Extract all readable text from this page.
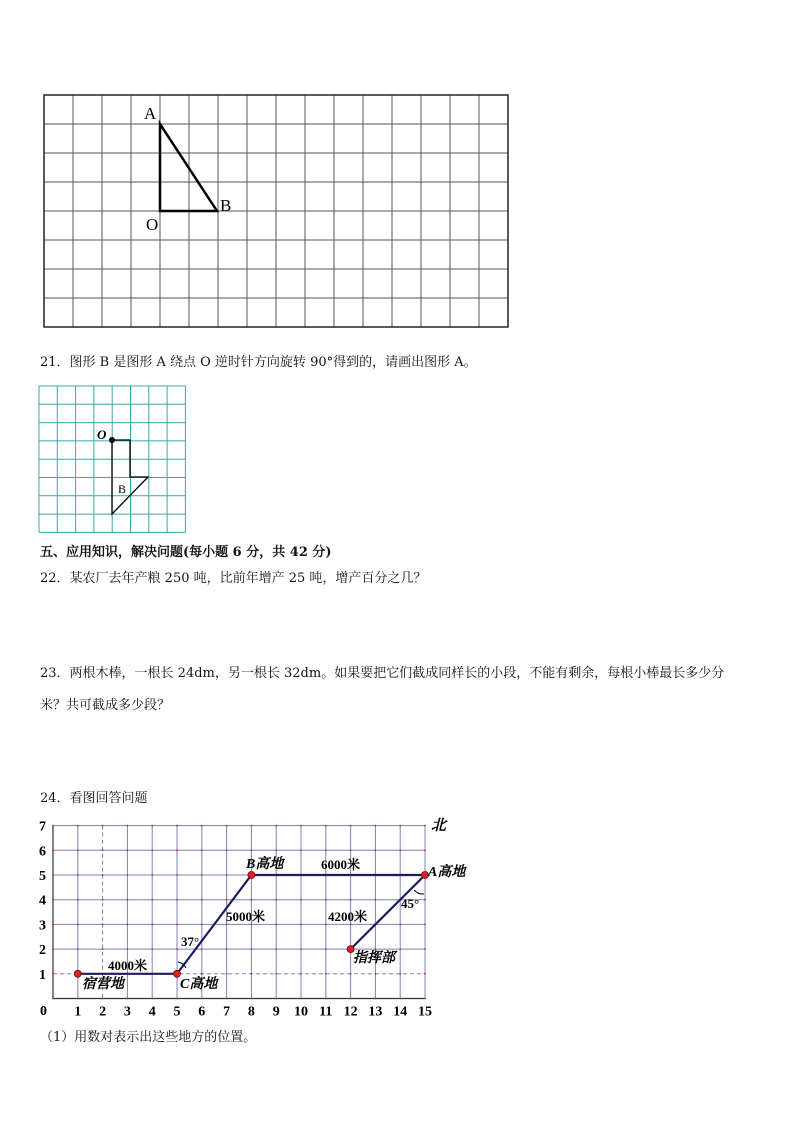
A
B
O
21．图形 B 是图形 A 绕点 O 逆时针方向旋转 90°得到的，请画出图形 A。
O
B
五、应用知识，解决问题(每小题 6 分，共 42 分)
22．某农厂去年产粮 250 吨，比前年增产 25 吨，增产百分之几？
23．两根木棒，一根长 24dm，另一根长 32dm。如果要把它们截成同样长的小段，不能有剩余，每根小棒最长多少分
米？共可截成多少段？
24．看图回答问题
1 2 3 4 5 6 7 8 9 10 11 12 13 14 15
1
2
3
4
5
6
7	北
0
宿营地	C高地
B高地
A高地
指挥部
4000米
5000米
6000米
4200米
37°
45°
（1）用数对表示出这些地方的位置。
